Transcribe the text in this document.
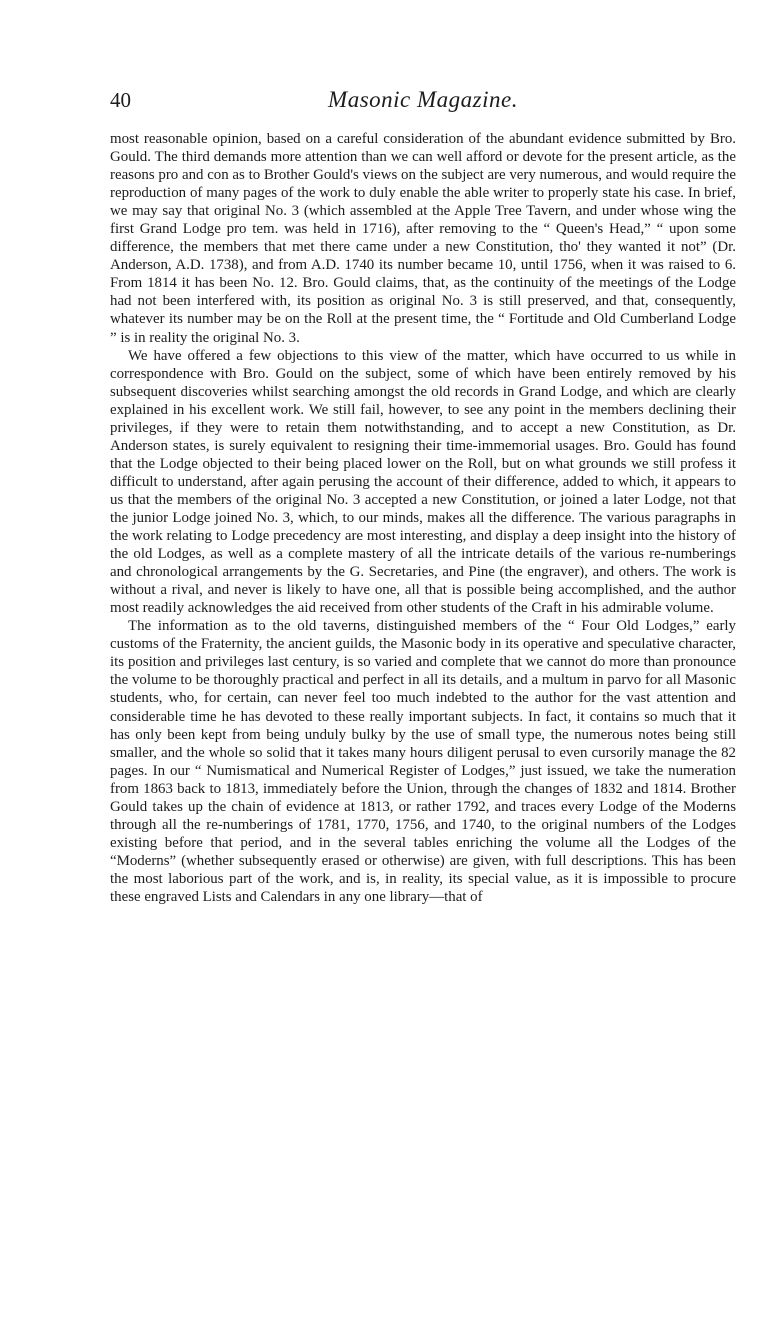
40	Masonic Magazine.

most reasonable opinion, based on a careful consideration of the abundant evidence submitted by Bro. Gould. The third demands more attention than we can well afford or devote for the present article, as the reasons pro and con as to Brother Gould's views on the subject are very numerous, and would require the reproduction of many pages of the work to duly enable the able writer to properly state his case. In brief, we may say that original No. 3 (which assembled at the Apple Tree Tavern, and under whose wing the first Grand Lodge pro tem. was held in 1716), after removing to the “ Queen's Head,” “ upon some difference, the members that met there came under a new Constitution, tho' they wanted it not” (Dr. Anderson, A.D. 1738), and from A.D. 1740 its number became 10, until 1756, when it was raised to 6. From 1814 it has been No. 12. Bro. Gould claims, that, as the continuity of the meetings of the Lodge had not been interfered with, its position as original No. 3 is still preserved, and that, consequently, whatever its number may be on the Roll at the present time, the “ Fortitude and Old Cumberland Lodge ” is in reality the original No. 3.

We have offered a few objections to this view of the matter, which have occurred to us while in correspondence with Bro. Gould on the subject, some of which have been entirely removed by his subsequent discoveries whilst searching amongst the old records in Grand Lodge, and which are clearly explained in his excellent work. We still fail, however, to see any point in the members declining their privileges, if they were to retain them notwithstanding, and to accept a new Constitution, as Dr. Anderson states, is surely equivalent to resigning their time-immemorial usages. Bro. Gould has found that the Lodge objected to their being placed lower on the Roll, but on what grounds we still profess it difficult to understand, after again perusing the account of their difference, added to which, it appears to us that the members of the original No. 3 accepted a new Constitution, or joined a later Lodge, not that the junior Lodge joined No. 3, which, to our minds, makes all the difference. The various paragraphs in the work relating to Lodge precedency are most interesting, and display a deep insight into the history of the old Lodges, as well as a complete mastery of all the intricate details of the various re-numberings and chronological arrangements by the G. Secretaries, and Pine (the engraver), and others. The work is without a rival, and never is likely to have one, all that is possible being accomplished, and the author most readily acknowledges the aid received from other students of the Craft in his admirable volume.

The information as to the old taverns, distinguished members of the “ Four Old Lodges,” early customs of the Fraternity, the ancient guilds, the Masonic body in its operative and speculative character, its position and privileges last century, is so varied and complete that we cannot do more than pronounce the volume to be thoroughly practical and perfect in all its details, and a multum in parvo for all Masonic students, who, for certain, can never feel too much indebted to the author for the vast attention and considerable time he has devoted to these really important subjects. In fact, it contains so much that it has only been kept from being unduly bulky by the use of small type, the numerous notes being still smaller, and the whole so solid that it takes many hours diligent perusal to even cursorily manage the 82 pages. In our “ Numismatical and Numerical Register of Lodges,” just issued, we take the numeration from 1863 back to 1813, immediately before the Union, through the changes of 1832 and 1814. Brother Gould takes up the chain of evidence at 1813, or rather 1792, and traces every Lodge of the Moderns through all the re-numberings of 1781, 1770, 1756, and 1740, to the original numbers of the Lodges existing before that period, and in the several tables enriching the volume all the Lodges of the “Moderns” (whether subsequently erased or otherwise) are given, with full descriptions. This has been the most laborious part of the work, and is, in reality, its special value, as it is impossible to procure these engraved Lists and Calendars in any one library—that of
